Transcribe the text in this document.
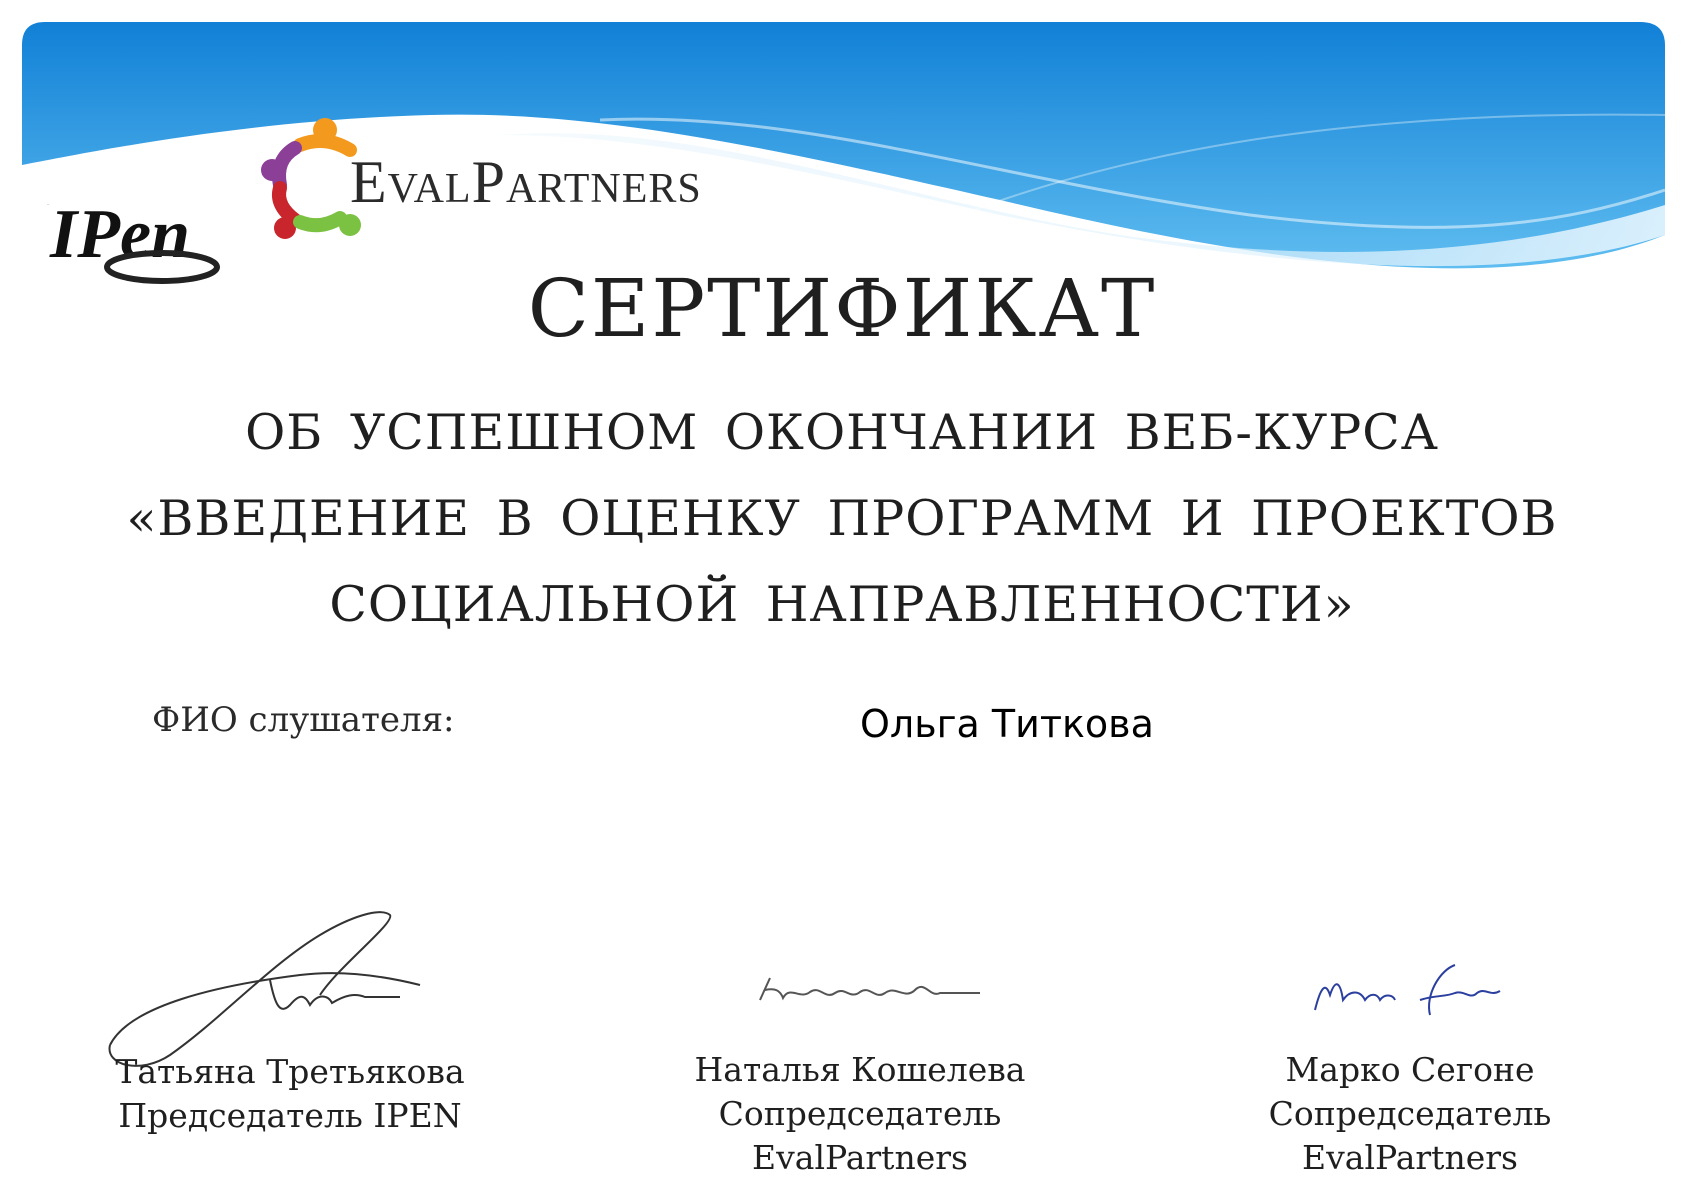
IPen
IPEN	EVALPARTNERS
СЕРТИФИКАТ
ОБ УСПЕШНОМ ОКОНЧАНИИ ВЕБ-КУРСА
«ВВЕДЕНИЕ В ОЦЕНКУ ПРОГРАММ И ПРОЕКТОВ
СОЦИАЛЬНОЙ НАПРАВЛЕННОСТИ»
ФИО слушателя:	Ольга Титкова
Татьяна Третьякова
Председатель IPEN
Наталья Кошелева
Сопредседатель
EvalPartners
Марко Сегоне
Сопредседатель
EvalPartners
